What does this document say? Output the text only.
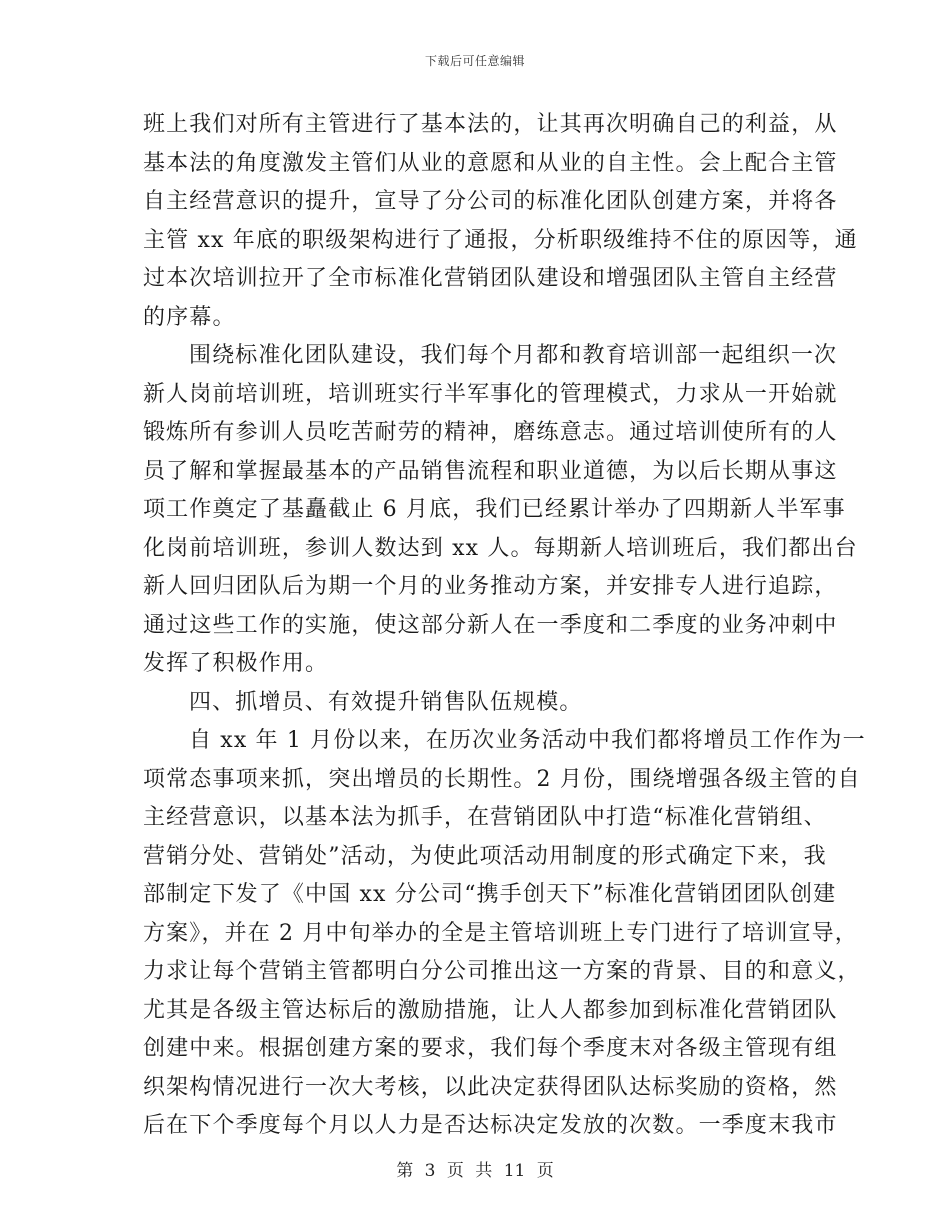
下载后可任意编辑
班上我们对所有主管进行了基本法的，让其再次明确自己的利益，从
基本法的角度激发主管们从业的意愿和从业的自主性。会上配合主管
自主经营意识的提升，宣导了分公司的标准化团队创建方案，并将各
主管 xx 年底的职级架构进行了通报，分析职级维持不住的原因等，通
过本次培训拉开了全市标准化营销团队建设和增强团队主管自主经营
的序幕。
围绕标准化团队建设，我们每个月都和教育培训部一起组织一次
新人岗前培训班，培训班实行半军事化的管理模式，力求从一开始就
锻炼所有参训人员吃苦耐劳的精神，磨练意志。通过培训使所有的人
员了解和掌握最基本的产品销售流程和职业道德，为以后长期从事这
项工作奠定了基矗截止 6 月底，我们已经累计举办了四期新人半军事
化岗前培训班，参训人数达到 xx 人。每期新人培训班后，我们都出台
新人回归团队后为期一个月的业务推动方案，并安排专人进行追踪，
通过这些工作的实施，使这部分新人在一季度和二季度的业务冲刺中
发挥了积极作用。
四、抓增员、有效提升销售队伍规模。
自 xx 年 1 月份以来，在历次业务活动中我们都将增员工作作为一
项常态事项来抓，突出增员的长期性。2 月份，围绕增强各级主管的自
主经营意识，以基本法为抓手，在营销团队中打造“标准化营销组、
营销分处、营销处”活动，为使此项活动用制度的形式确定下来，我
部制定下发了《中国 xx 分公司“携手创天下”标准化营销团团队创建
方案》，并在 2 月中旬举办的全是主管培训班上专门进行了培训宣导，
力求让每个营销主管都明白分公司推出这一方案的背景、目的和意义，
尤其是各级主管达标后的激励措施，让人人都参加到标准化营销团队
创建中来。根据创建方案的要求，我们每个季度末对各级主管现有组
织架构情况进行一次大考核，以此决定获得团队达标奖励的资格，然
后在下个季度每个月以人力是否达标决定发放的次数。一季度末我市
第 3 页 共 11 页
